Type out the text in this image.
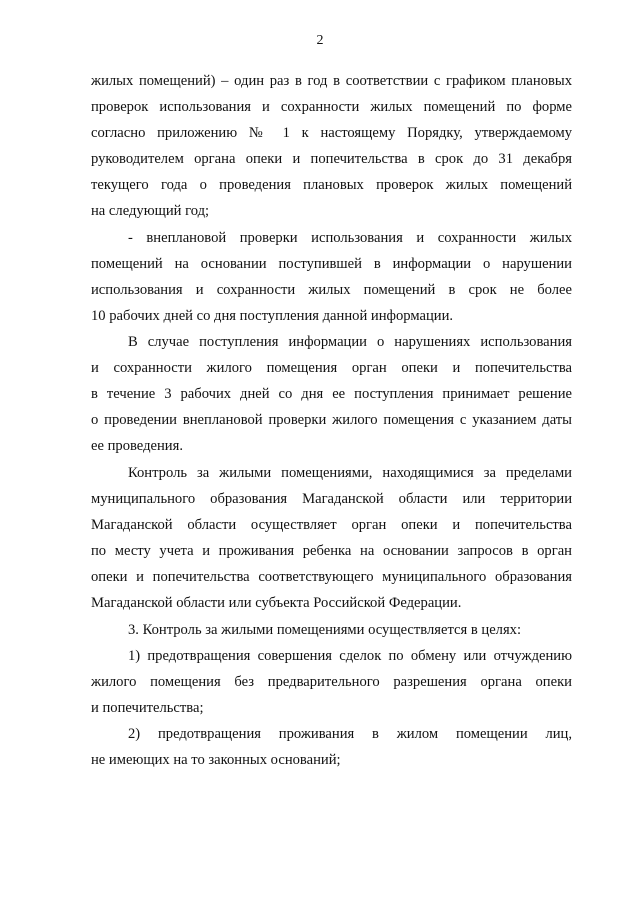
2
жилых помещений) – один раз в год в соответствии с графиком плановых
проверок использования и сохранности жилых помещений по форме
согласно приложению № 1 к настоящему Порядку, утверждаемому
руководителем органа опеки и попечительства в срок до 31 декабря
текущего года о проведения плановых проверок жилых помещений
на следующий год;
- внеплановой проверки использования и сохранности жилых
помещений на основании поступившей в информации о нарушении
использования и сохранности жилых помещений в срок не более
10 рабочих дней со дня поступления данной информации.
В случае поступления информации о нарушениях использования
и сохранности жилого помещения орган опеки и попечительства
в течение 3 рабочих дней со дня ее поступления принимает решение
о проведении внеплановой проверки жилого помещения с указанием даты
ее проведения.
Контроль за жилыми помещениями, находящимися за пределами
муниципального образования Магаданской области или территории
Магаданской области осуществляет орган опеки и попечительства
по месту учета и проживания ребенка на основании запросов в орган
опеки и попечительства соответствующего муниципального образования
Магаданской области или субъекта Российской Федерации.
3. Контроль за жилыми помещениями осуществляется в целях:
1) предотвращения совершения сделок по обмену или отчуждению
жилого помещения без предварительного разрешения органа опеки
и попечительства;
2) предотвращения проживания в жилом помещении лиц,
не имеющих на то законных оснований;
